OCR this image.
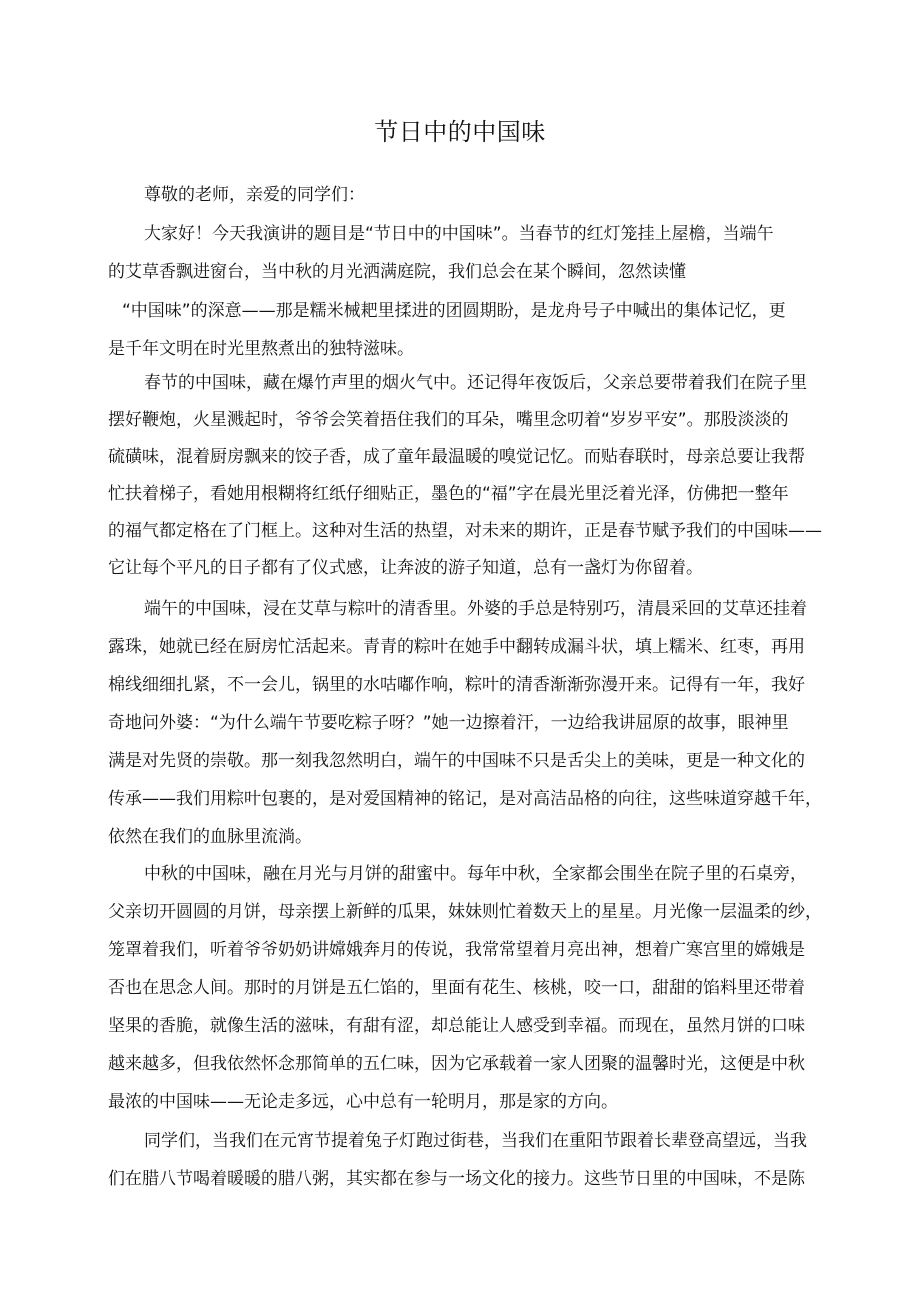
节日中的中国味
尊敬的老师，亲爱的同学们：
大家好！今天我演讲的题目是“节日中的中国味”。当春节的红灯笼挂上屋檐，当端午
的艾草香飘进窗台，当中秋的月光洒满庭院，我们总会在某个瞬间，忽然读懂
“中国味”的深意——那是糯米械耙里揉进的团圆期盼，是龙舟号子中喊出的集体记忆，更
是千年文明在时光里熬煮出的独特滋味。
春节的中国味，藏在爆竹声里的烟火气中。还记得年夜饭后，父亲总要带着我们在院子里
摆好鞭炮，火星溅起时，爷爷会笑着捂住我们的耳朵，嘴里念叨着“岁岁平安”。那股淡淡的
硫磺味，混着厨房飘来的饺子香，成了童年最温暖的嗅觉记忆。而贴春联时，母亲总要让我帮
忙扶着梯子，看她用根糊将红纸仔细贴正，墨色的“福”字在晨光里泛着光泽，仿佛把一整年
的福气都定格在了门框上。这种对生活的热望，对未来的期许，正是春节赋予我们的中国味——
它让每个平凡的日子都有了仪式感，让奔波的游子知道，总有一盏灯为你留着。
端午的中国味，浸在艾草与粽叶的清香里。外婆的手总是特别巧，清晨采回的艾草还挂着
露珠，她就已经在厨房忙活起来。青青的粽叶在她手中翻转成漏斗状，填上糯米、红枣，再用
棉线细细扎紧，不一会儿，锅里的水咕嘟作响，粽叶的清香渐渐弥漫开来。记得有一年，我好
奇地问外婆：“为什么端午节要吃粽子呀？”她一边擦着汗，一边给我讲屈原的故事，眼神里
满是对先贤的崇敬。那一刻我忽然明白，端午的中国味不只是舌尖上的美味，更是一种文化的
传承——我们用粽叶包裹的，是对爱国精神的铭记，是对高洁品格的向往，这些味道穿越千年，
依然在我们的血脉里流淌。
中秋的中国味，融在月光与月饼的甜蜜中。每年中秋，全家都会围坐在院子里的石桌旁，
父亲切开圆圆的月饼，母亲摆上新鲜的瓜果，妹妹则忙着数天上的星星。月光像一层温柔的纱，
笼罩着我们，听着爷爷奶奶讲嫦娥奔月的传说，我常常望着月亮出神，想着广寒宫里的嫦娥是
否也在思念人间。那时的月饼是五仁馅的，里面有花生、核桃，咬一口，甜甜的馅料里还带着
坚果的香脆，就像生活的滋味，有甜有涩，却总能让人感受到幸福。而现在，虽然月饼的口味
越来越多，但我依然怀念那简单的五仁味，因为它承载着一家人团聚的温馨时光，这便是中秋
最浓的中国味——无论走多远，心中总有一轮明月，那是家的方向。
同学们，当我们在元宵节提着兔子灯跑过街巷，当我们在重阳节跟着长辈登高望远，当我
们在腊八节喝着暖暖的腊八粥，其实都在参与一场文化的接力。这些节日里的中国味，不是陈
